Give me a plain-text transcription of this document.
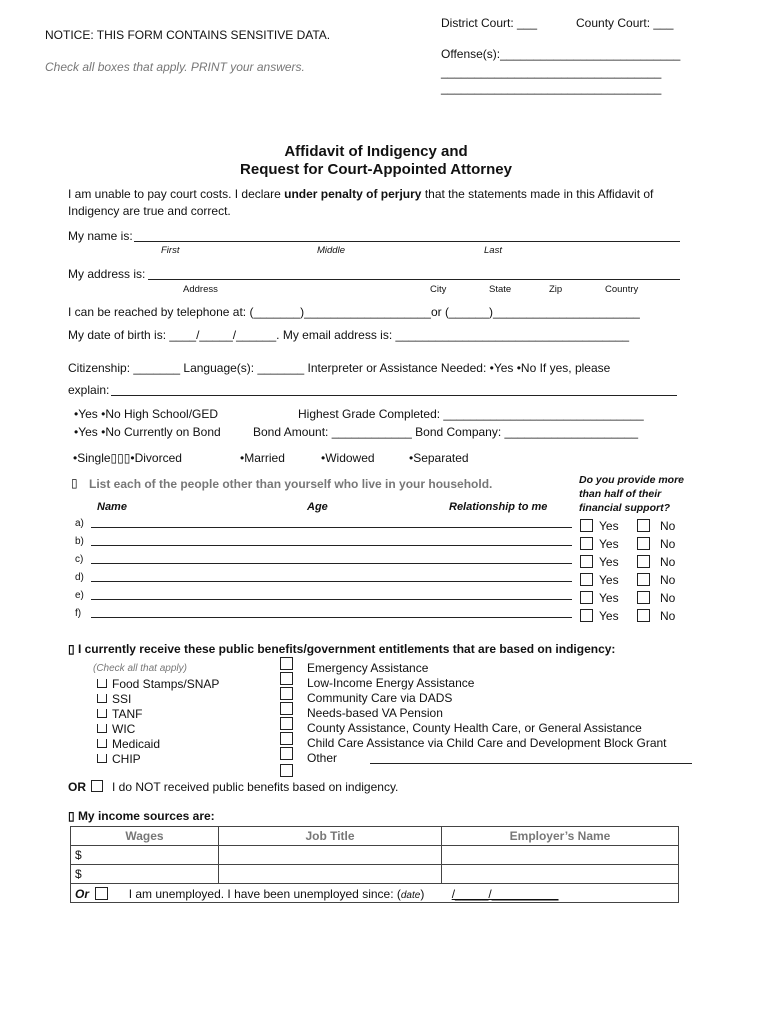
NOTICE: THIS FORM CONTAINS SENSITIVE DATA.
Check all boxes that apply. PRINT your answers.
District Court: ___	County Court: ___
Offense(s):___________________________
_________________________________
_________________________________
Affidavit of Indigency and
Request for Court-Appointed Attorney
I am unable to pay court costs. I declare under penalty of perjury that the statements made in this Affidavit of
Indigency are true and correct.
My name is:
First	Middle	Last
My address is:
Address	City	State	Zip	Country
I can be reached by telephone at: (_______)___________________or (______)______________________
My date of birth is: ____/_____/______. My email address is: ___________________________________
Citizenship: _______ Language(s): _______ Interpreter or Assistance Needed: •Yes •No If yes, please
explain:
•Yes •No High School/GED	Highest Grade Completed: ______________________________
•Yes •No Currently on Bond	Bond Amount: ____________ Bond Company: ____________________
•Single▯▯▯•Divorced	•Married	•Widowed	•Separated
▯ List each of the people other than yourself who live in your household.	Do you provide more
than half of their
financial support?
Name	Age	Relationship to me
a)	Yes	No
b)	Yes	No
c)	Yes	No
d)	Yes	No
e)	Yes	No
f)	Yes	No
▯ I currently receive these public benefits/government entitlements that are based on indigency:
(Check all that apply)
Food Stamps/SNAP
SSI
TANF
WIC
Medicaid
CHIP
Emergency Assistance
Low-Income Energy Assistance
Community Care via DADS
Needs-based VA Pension
County Assistance, County Health Care, or General Assistance
Child Care Assistance via Child Care and Development Block Grant
Other
OR I do NOT received public benefits based on indigency.
▯ My income sources are:
Wages	Job Title	Employer’s Name
$		
$		
Or I am unemployed. I have been unemployed since: (date) /_____/__________		
